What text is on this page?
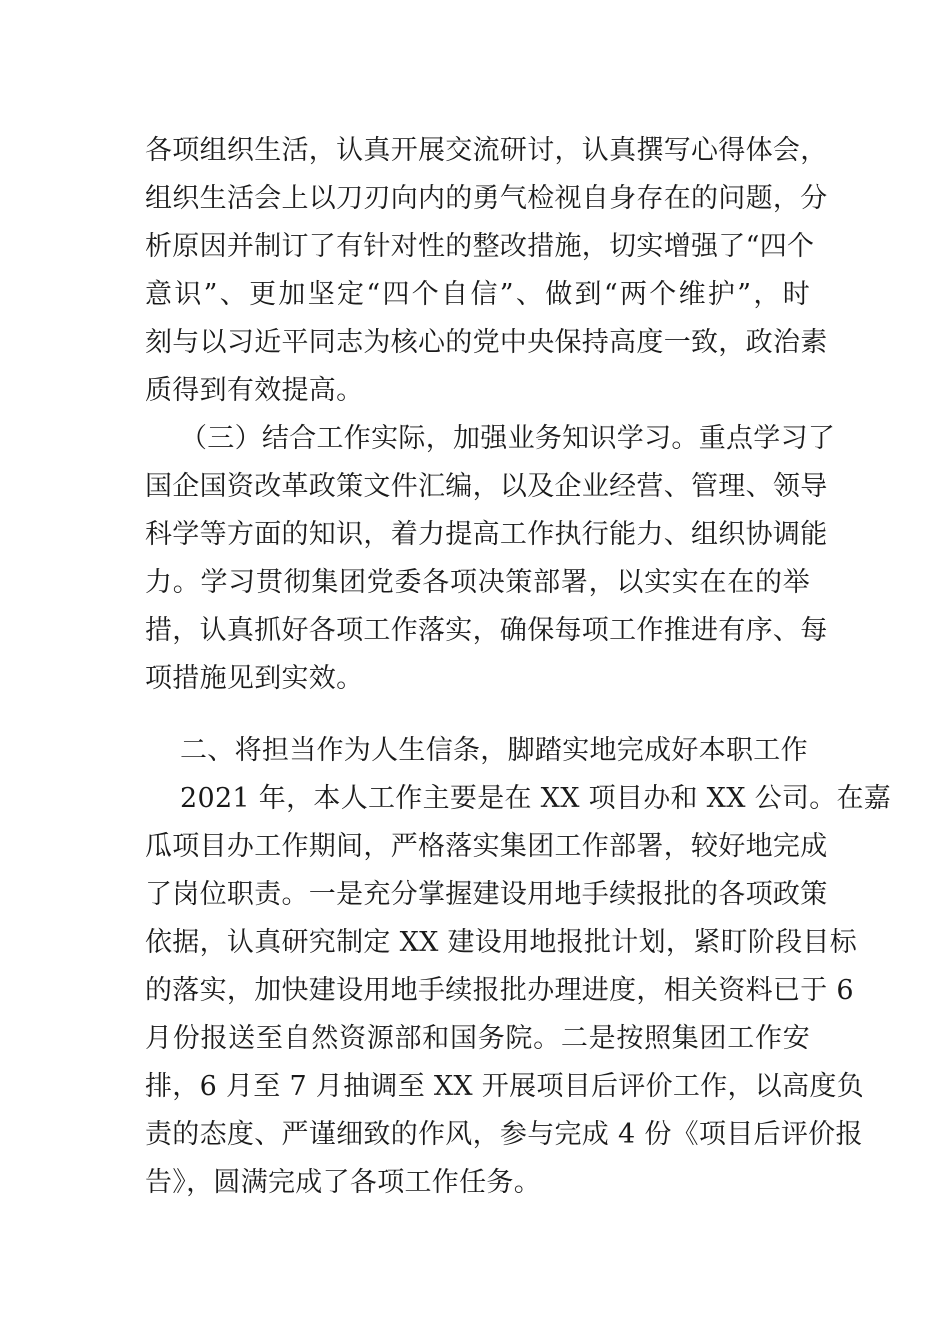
各项组织生活，认真开展交流研讨，认真撰写心得体会，
组织生活会上以刀刃向内的勇气检视自身存在的问题，分
析原因并制订了有针对性的整改措施，切实增强了“四个
意识”、更加坚定“四个自信”、做到“两个维护”，时
刻与以习近平同志为核心的党中央保持高度一致，政治素
质得到有效提高。
（三）结合工作实际，加强业务知识学习。重点学习了
国企国资改革政策文件汇编，以及企业经营、管理、领导
科学等方面的知识，着力提高工作执行能力、组织协调能
力。学习贯彻集团党委各项决策部署，以实实在在的举
措，认真抓好各项工作落实，确保每项工作推进有序、每
项措施见到实效。
二、将担当作为人生信条，脚踏实地完成好本职工作
2021 年，本人工作主要是在 XX 项目办和 XX 公司。在嘉
瓜项目办工作期间，严格落实集团工作部署，较好地完成
了岗位职责。一是充分掌握建设用地手续报批的各项政策
依据，认真研究制定 XX 建设用地报批计划，紧盯阶段目标
的落实，加快建设用地手续报批办理进度，相关资料已于 6
月份报送至自然资源部和国务院。二是按照集团工作安
排，6 月至 7 月抽调至 XX 开展项目后评价工作，以高度负
责的态度、严谨细致的作风，参与完成 4 份《项目后评价报
告》，圆满完成了各项工作任务。
